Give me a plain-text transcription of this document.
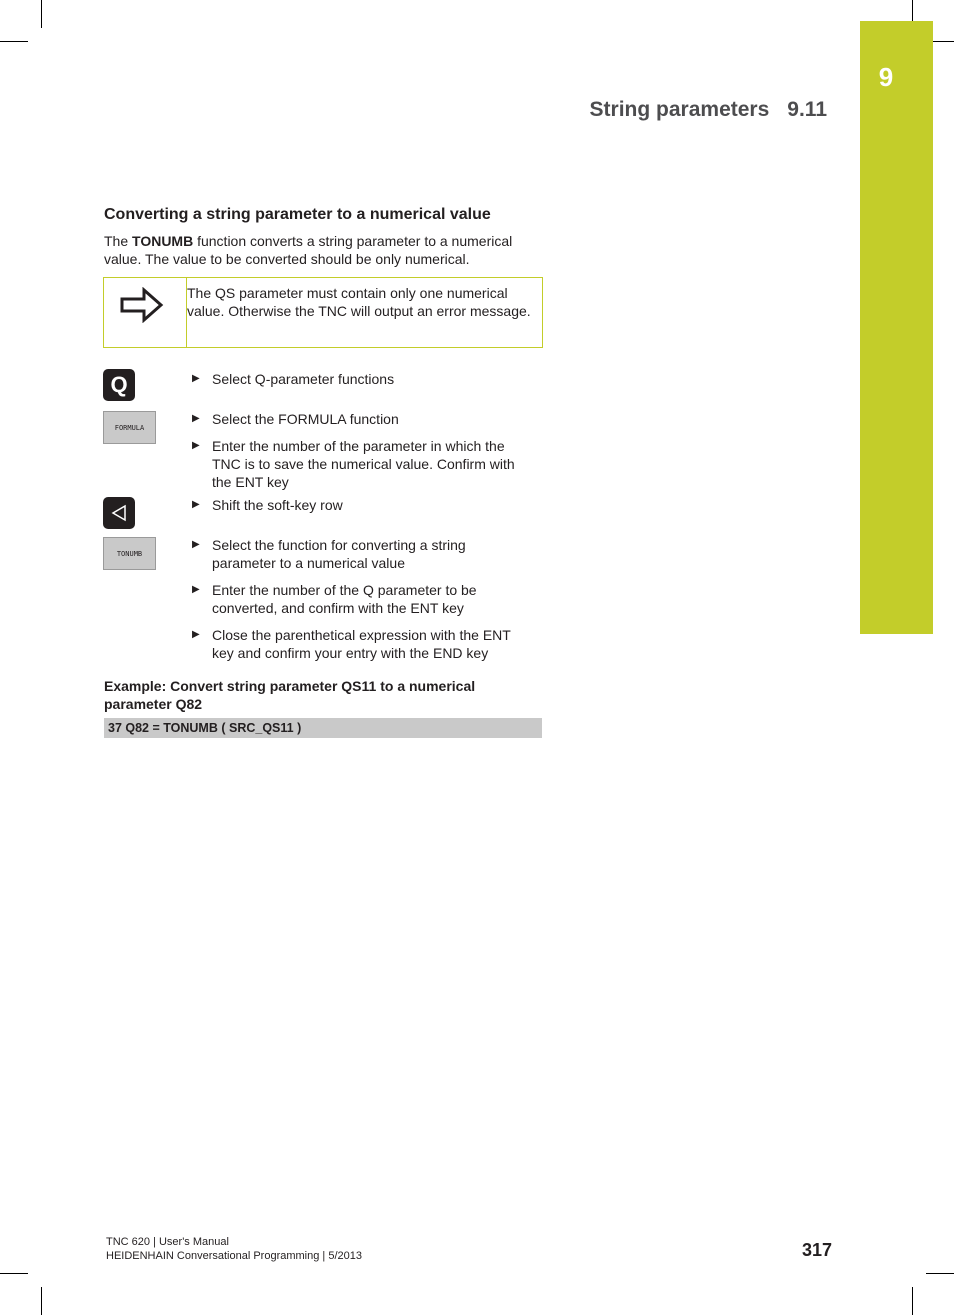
9
String parameters 9.11
Converting a string parameter to a numerical value
The TONUMB function converts a string parameter to a numerical value. The value to be converted should be only numerical.
The QS parameter must contain only one numerical value. Otherwise the TNC will output an error message.
Q
FORMULA
TONUMB
▶ Select Q-parameter functions
▶ Select the FORMULA function
▶ Enter the number of the parameter in which the TNC is to save the numerical value. Confirm with the ENT key
▶ Shift the soft-key row
▶ Select the function for converting a string parameter to a numerical value
▶ Enter the number of the Q parameter to be converted, and confirm with the ENT key
▶ Close the parenthetical expression with the ENT key and confirm your entry with the END key
Example: Convert string parameter QS11 to a numerical parameter Q82
37 Q82 = TONUMB ( SRC_QS11 )
TNC 620 | User's Manual
HEIDENHAIN Conversational Programming | 5/2013	317
